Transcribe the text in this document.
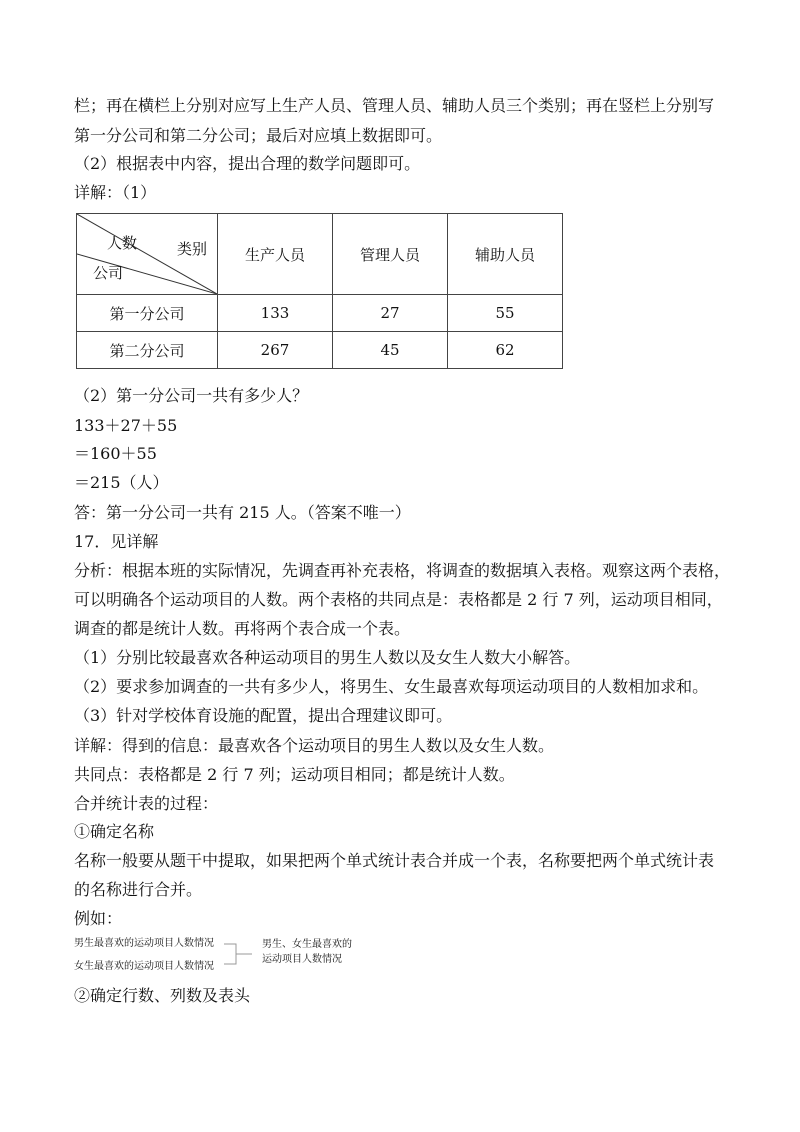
栏；再在横栏上分别对应写上生产人员、管理人员、辅助人员三个类别；再在竖栏上分别写
第一分公司和第二分公司；最后对应填上数据即可。
（2）根据表中内容，提出合理的数学问题即可。
详解：（1）
人数 类别
公司	生产人员	管理人员	辅助人员
第一分公司	133	27	55
第二分公司	267	45	62
（2）第一分公司一共有多少人？
133＋27＋55
＝160＋55
＝215（人）
答：第一分公司一共有 215 人。（答案不唯一）
17．见详解
分析：根据本班的实际情况，先调查再补充表格，将调查的数据填入表格。观察这两个表格，
可以明确各个运动项目的人数。两个表格的共同点是：表格都是 2 行 7 列，运动项目相同，
调查的都是统计人数。再将两个表合成一个表。
（1）分别比较最喜欢各种运动项目的男生人数以及女生人数大小解答。
（2）要求参加调查的一共有多少人，将男生、女生最喜欢每项运动项目的人数相加求和。
（3）针对学校体育设施的配置，提出合理建议即可。
详解：得到的信息：最喜欢各个运动项目的男生人数以及女生人数。
共同点：表格都是 2 行 7 列；运动项目相同；都是统计人数。
合并统计表的过程：
①确定名称
名称一般要从题干中提取，如果把两个单式统计表合并成一个表，名称要把两个单式统计表
的名称进行合并。
例如：
男生最喜欢的运动项目人数情况
女生最喜欢的运动项目人数情况
男生、女生最喜欢的
运动项目人数情况
②确定行数、列数及表头
